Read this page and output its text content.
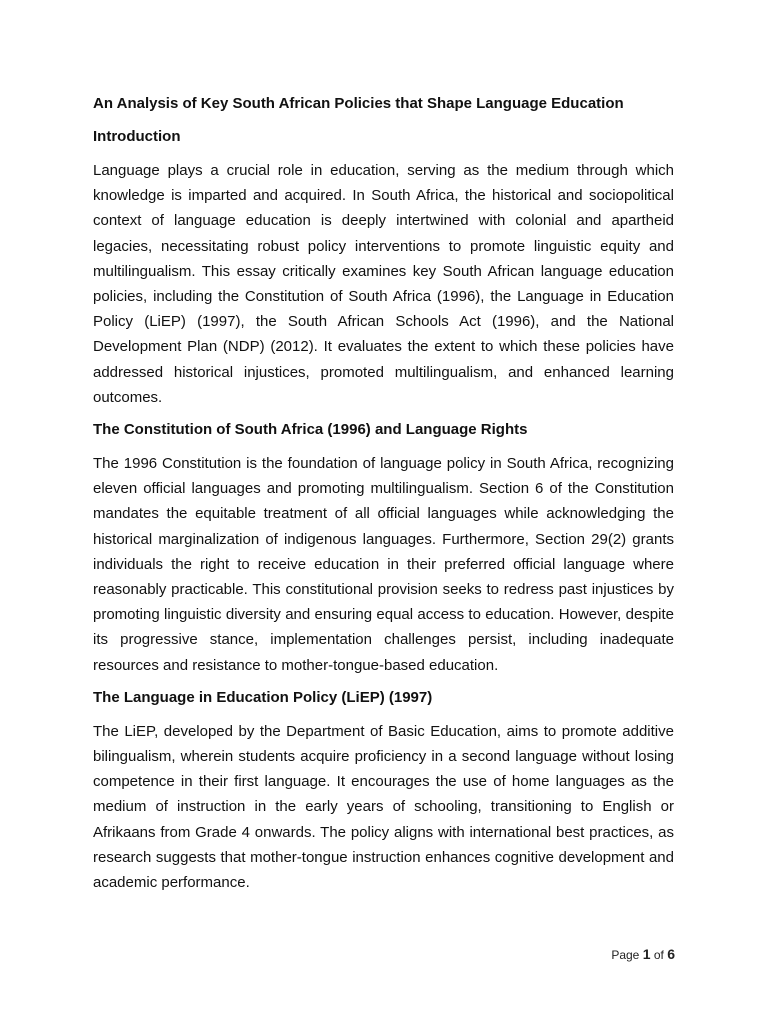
An Analysis of Key South African Policies that Shape Language Education

Introduction

Language plays a crucial role in education, serving as the medium through which knowledge is imparted and acquired. In South Africa, the historical and sociopolitical context of language education is deeply intertwined with colonial and apartheid legacies, necessitating robust policy interventions to promote linguistic equity and multilingualism. This essay critically examines key South African language education policies, including the Constitution of South Africa (1996), the Language in Education Policy (LiEP) (1997), the South African Schools Act (1996), and the National Development Plan (NDP) (2012). It evaluates the extent to which these policies have addressed historical injustices, promoted multilingualism, and enhanced learning outcomes.

The Constitution of South Africa (1996) and Language Rights

The 1996 Constitution is the foundation of language policy in South Africa, recognizing eleven official languages and promoting multilingualism. Section 6 of the Constitution mandates the equitable treatment of all official languages while acknowledging the historical marginalization of indigenous languages. Furthermore, Section 29(2) grants individuals the right to receive education in their preferred official language where reasonably practicable. This constitutional provision seeks to redress past injustices by promoting linguistic diversity and ensuring equal access to education. However, despite its progressive stance, implementation challenges persist, including inadequate resources and resistance to mother-tongue-based education.

The Language in Education Policy (LiEP) (1997)

The LiEP, developed by the Department of Basic Education, aims to promote additive bilingualism, wherein students acquire proficiency in a second language without losing competence in their first language. It encourages the use of home languages as the medium of instruction in the early years of schooling, transitioning to English or Afrikaans from Grade 4 onwards. The policy aligns with international best practices, as research suggests that mother-tongue instruction enhances cognitive development and academic performance.

Page 1 of 6
